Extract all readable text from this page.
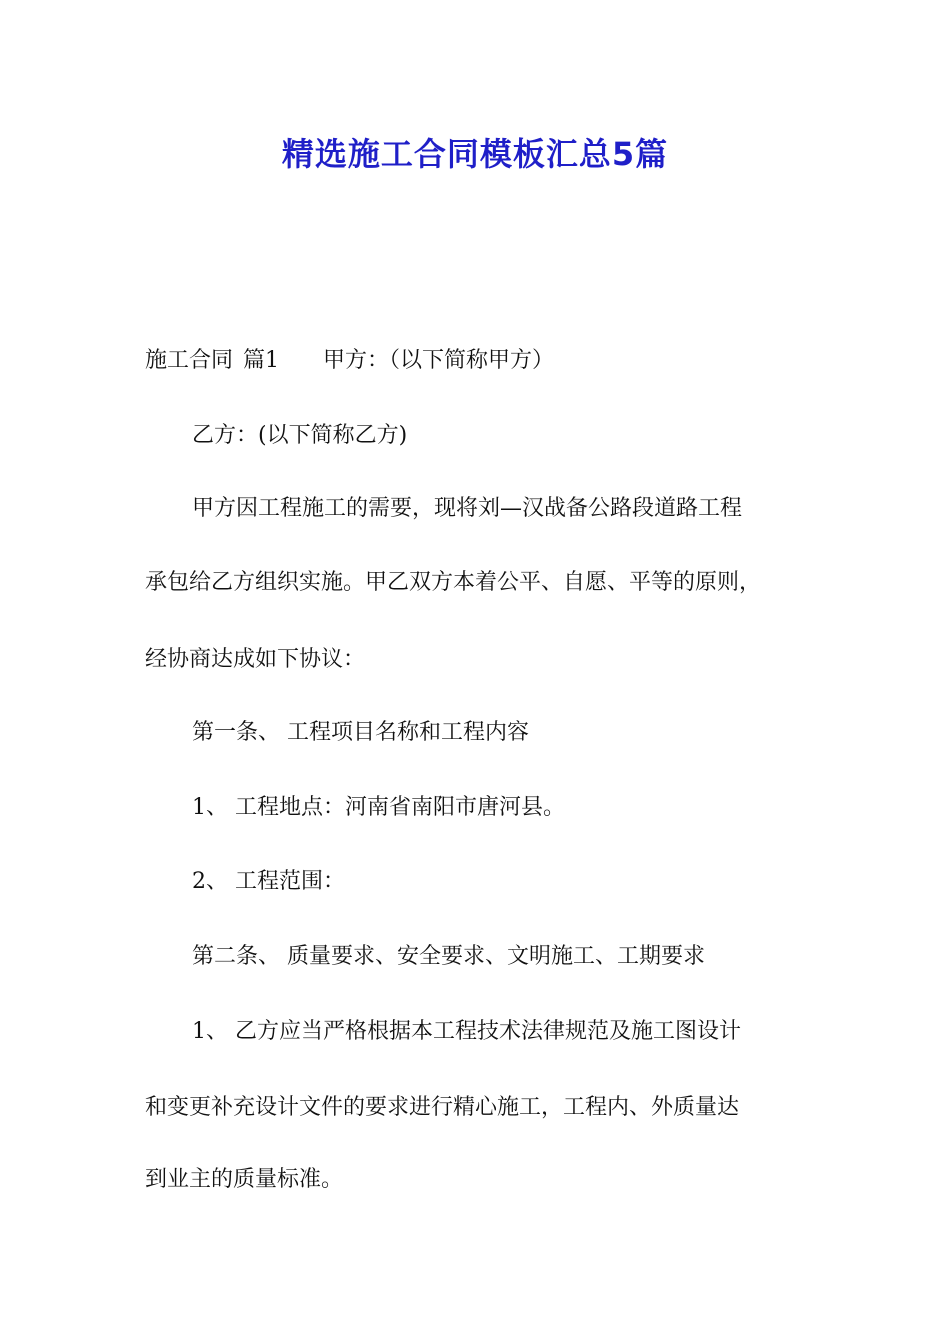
精选施工合同模板汇总5篇
施工合同 篇1 甲方：（以下简称甲方）
乙方：(以下简称乙方)
甲方因工程施工的需要，现将刘—汉战备公路段道路工程
承包给乙方组织实施。甲乙双方本着公平、自愿、平等的原则，
经协商达成如下协议：
第一条、 工程项目名称和工程内容
1、 工程地点：河南省南阳市唐河县。
2、 工程范围：
第二条、 质量要求、安全要求、文明施工、工期要求
1、 乙方应当严格根据本工程技术法律规范及施工图设计
和变更补充设计文件的要求进行精心施工，工程内、外质量达
到业主的质量标准。
